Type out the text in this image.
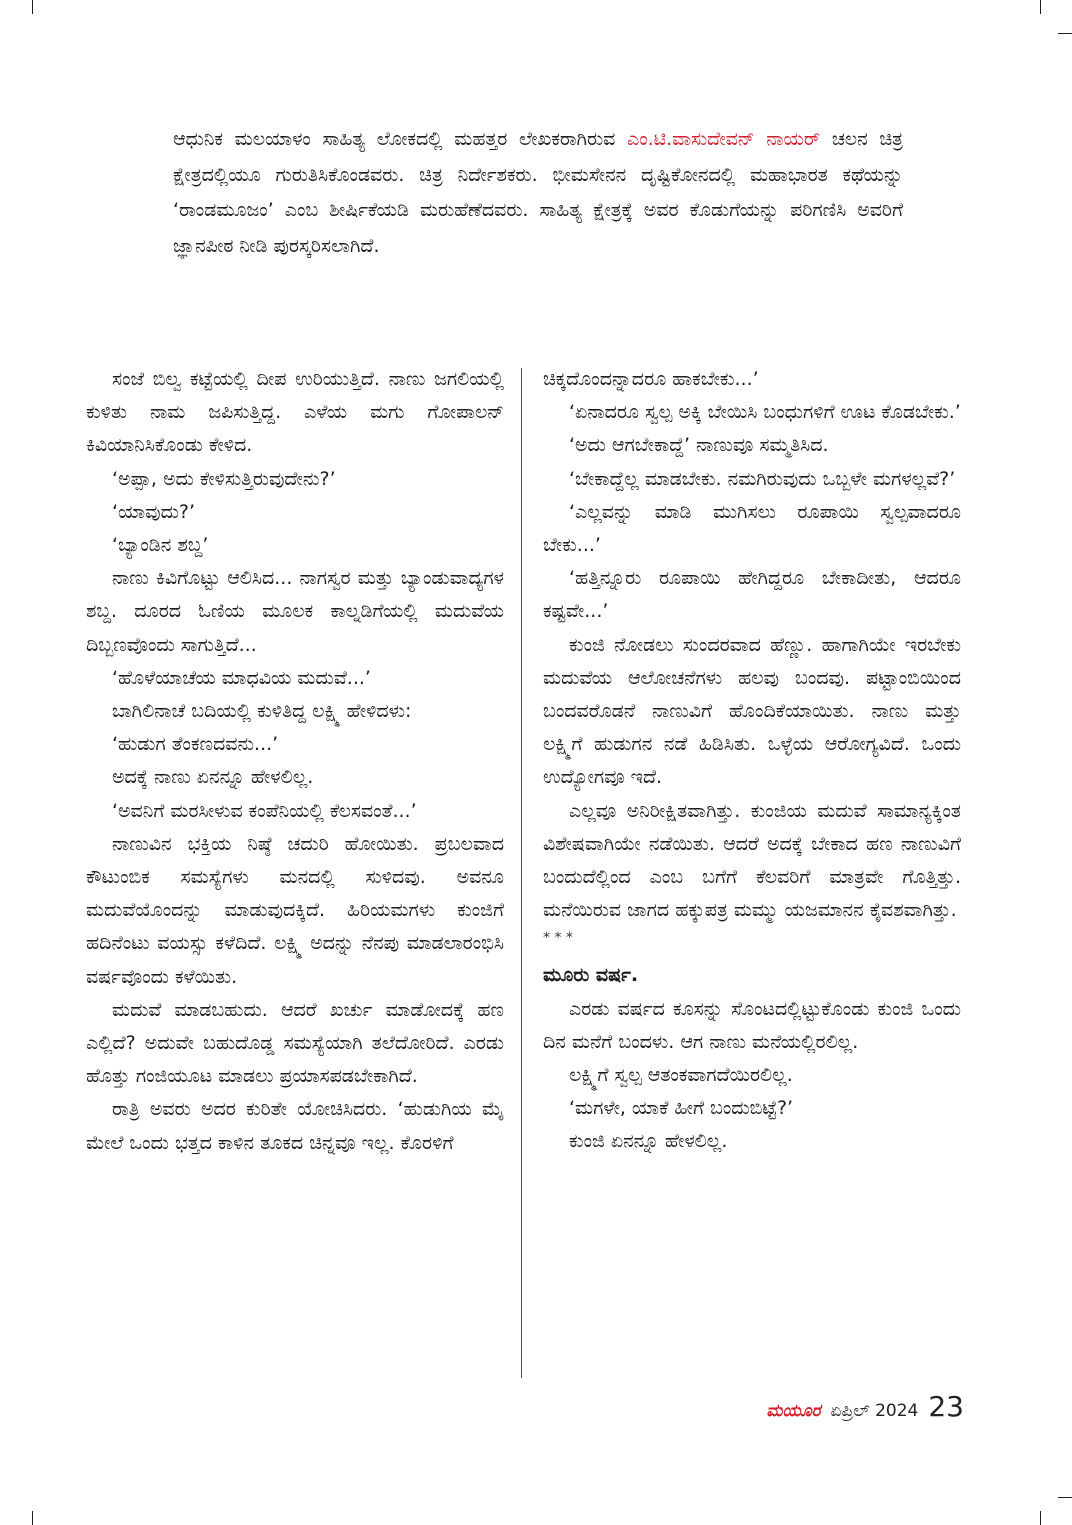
ಆಧುನಿಕ ಮಲಯಾಳಂ ಸಾಹಿತ್ಯ ಲೋಕದಲ್ಲಿ ಮಹತ್ತರ ಲೇಖಕರಾಗಿರುವ ಎಂ.ಟಿ.ವಾಸುದೇವನ್ ನಾಯರ್ ಚಲನ ಚಿತ್ರ ಕ್ಷೇತ್ರದಲ್ಲಿಯೂ ಗುರುತಿಸಿಕೊಂಡವರು. ಚಿತ್ರ ನಿರ್ದೇಶಕರು. ಭೀಮಸೇನನ ದೃಷ್ಟಿಕೋನದಲ್ಲಿ ಮಹಾಭಾರತ ಕಥೆಯನ್ನು ‘ರಾಂಡಮೂಜಂ’ ಎಂಬ ಶೀರ್ಷಿಕೆಯಡಿ ಮರುಹೆಣೆದವರು. ಸಾಹಿತ್ಯ ಕ್ಷೇತ್ರಕ್ಕೆ ಅವರ ಕೊಡುಗೆಯನ್ನು ಪರಿಗಣಿಸಿ ಅವರಿಗೆ ಜ್ಞಾನಪೀಠ ನೀಡಿ ಪುರಸ್ಕರಿಸಲಾಗಿದೆ.

ಸಂಜೆ ಬಿಲ್ವ ಕಟ್ಟೆಯಲ್ಲಿ ದೀಪ ಉರಿಯುತ್ತಿದೆ. ನಾಣು ಜಗಲಿಯಲ್ಲಿ ಕುಳಿತು ನಾಮ ಜಪಿಸುತ್ತಿದ್ದ. ಎಳೆಯ ಮಗು ಗೋಪಾಲನ್ ಕಿವಿಯಾನಿಸಿಕೊಂಡು ಕೇಳಿದ.

‘ಅಪ್ಪಾ, ಅದು ಕೇಳಿಸುತ್ತಿರುವುದೇನು?’

‘ಯಾವುದು?’

‘ಬ್ಯಾಂಡಿನ ಶಬ್ದ’

ನಾಣು ಕಿವಿಗೊಟ್ಟು ಆಲಿಸಿದ... ನಾಗಸ್ವರ ಮತ್ತು ಬ್ಯಾಂಡುವಾದ್ಯಗಳ ಶಬ್ದ. ದೂರದ ಓಣಿಯ ಮೂಲಕ ಕಾಲ್ನಡಿಗೆಯಲ್ಲಿ ಮದುವೆಯ ದಿಬ್ಬಣವೊಂದು ಸಾಗುತ್ತಿದೆ...

‘ಹೊಳೆಯಾಚೆಯ ಮಾಧವಿಯ ಮದುವೆ...’

ಬಾಗಿಲಿನಾಚೆ ಬದಿಯಲ್ಲಿ ಕುಳಿತಿದ್ದ ಲಕ್ಷ್ಮಿ ಹೇಳಿದಳು:

‘ಹುಡುಗ ತೆಂಕಣದವನು...’

ಅದಕ್ಕೆ ನಾಣು ಏನನ್ನೂ ಹೇಳಲಿಲ್ಲ.

‘ಅವನಿಗೆ ಮರಸೀಳುವ ಕಂಪೆನಿಯಲ್ಲಿ ಕೆಲಸವಂತೆ...’

ನಾಣುವಿನ ಭಕ್ತಿಯ ನಿಷ್ಠೆ ಚದುರಿ ಹೋಯಿತು. ಪ್ರಬಲವಾದ ಕೌಟುಂಬಿಕ ಸಮಸ್ಯೆಗಳು ಮನದಲ್ಲಿ ಸುಳಿದವು. ಅವನೂ ಮದುವೆಯೊಂದನ್ನು ಮಾಡುವುದಕ್ಕಿದೆ. ಹಿರಿಯಮಗಳು ಕುಂಜಿಗೆ ಹದಿನೆಂಟು ವಯಸ್ಸು ಕಳೆದಿದೆ. ಲಕ್ಷ್ಮಿ ಅದನ್ನು ನೆನಪು ಮಾಡಲಾರಂಭಿಸಿ ವರ್ಷವೊಂದು ಕಳೆಯಿತು.

ಮದುವೆ ಮಾಡಬಹುದು. ಆದರೆ ಖರ್ಚು ಮಾಡೋದಕ್ಕೆ ಹಣ ಎಲ್ಲಿದೆ? ಅದುವೇ ಬಹುದೊಡ್ಡ ಸಮಸ್ಯೆಯಾಗಿ ತಲೆದೋರಿದೆ. ಎರಡು ಹೊತ್ತು ಗಂಜಿಯೂಟ ಮಾಡಲು ಪ್ರಯಾಸಪಡಬೇಕಾಗಿದೆ.

ರಾತ್ರಿ ಅವರು ಅದರ ಕುರಿತೇ ಯೋಚಿಸಿದರು. ‘ಹುಡುಗಿಯ ಮೈ ಮೇಲೆ ಒಂದು ಭತ್ತದ ಕಾಳಿನ ತೂಕದ ಚಿನ್ನವೂ ಇಲ್ಲ. ಕೊರಳಿಗೆ

ಚಿಕ್ಕದೊಂದನ್ನಾದರೂ ಹಾಕಬೇಕು...’

‘ಏನಾದರೂ ಸ್ವಲ್ಪ ಅಕ್ಕಿ ಬೇಯಿಸಿ ಬಂಧುಗಳಿಗೆ ಊಟ ಕೊಡಬೇಕು.’

‘ಅದು ಆಗಬೇಕಾದ್ದೆ’ ನಾಣುವೂ ಸಮ್ಮತಿಸಿದ.

‘ಬೇಕಾದ್ದೆಲ್ಲ ಮಾಡಬೇಕು. ನಮಗಿರುವುದು ಒಬ್ಬಳೇ ಮಗಳಲ್ಲವೆ?’

‘ಎಲ್ಲವನ್ನು ಮಾಡಿ ಮುಗಿಸಲು ರೂಪಾಯಿ ಸ್ವಲ್ಪವಾದರೂ ಬೇಕು...’

‘ಹತ್ತಿನ್ನೂರು ರೂಪಾಯಿ ಹೇಗಿದ್ದರೂ ಬೇಕಾದೀತು, ಆದರೂ ಕಷ್ಟವೇ...’

ಕುಂಜಿ ನೋಡಲು ಸುಂದರವಾದ ಹೆಣ್ಣು. ಹಾಗಾಗಿಯೇ ಇರಬೇಕು ಮದುವೆಯ ಆಲೋಚನೆಗಳು ಹಲವು ಬಂದವು. ಪಟ್ಟಾಂಬಿಯಿಂದ ಬಂದವರೊಡನೆ ನಾಣುವಿಗೆ ಹೊಂದಿಕೆಯಾಯಿತು. ನಾಣು ಮತ್ತು ಲಕ್ಷ್ಮಿಗೆ ಹುಡುಗನ ನಡೆ ಹಿಡಿಸಿತು. ಒಳ್ಳೆಯ ಆರೋಗ್ಯವಿದೆ. ಒಂದು ಉದ್ಯೋಗವೂ ಇದೆ.

ಎಲ್ಲವೂ ಅನಿರೀಕ್ಷಿತವಾಗಿತ್ತು. ಕುಂಜಿಯ ಮದುವೆ ಸಾಮಾನ್ಯಕ್ಕಿಂತ ವಿಶೇಷವಾಗಿಯೇ ನಡೆಯಿತು. ಆದರೆ ಅದಕ್ಕೆ ಬೇಕಾದ ಹಣ ನಾಣುವಿಗೆ ಬಂದುದೆಲ್ಲಿಂದ ಎಂಬ ಬಗೆಗೆ ಕೆಲವರಿಗೆ ಮಾತ್ರವೇ ಗೊತ್ತಿತ್ತು. ಮನೆಯಿರುವ ಜಾಗದ ಹಕ್ಕುಪತ್ರ ಮಮ್ಮು ಯಜಮಾನನ ಕೈವಶವಾಗಿತ್ತು.

* * *

ಮೂರು ವರ್ಷ.

ಎರಡು ವರ್ಷದ ಕೂಸನ್ನು ಸೊಂಟದಲ್ಲಿಟ್ಟುಕೊಂಡು ಕುಂಜಿ ಒಂದು ದಿನ ಮನೆಗೆ ಬಂದಳು. ಆಗ ನಾಣು ಮನೆಯಲ್ಲಿರಲಿಲ್ಲ.

ಲಕ್ಷ್ಮಿಗೆ ಸ್ವಲ್ಪ ಆತಂಕವಾಗದೆಯಿರಲಿಲ್ಲ.

‘ಮಗಳೇ, ಯಾಕೆ ಹೀಗೆ ಬಂದುಬಿಟ್ಟೆ?’

ಕುಂಜಿ ಏನನ್ನೂ ಹೇಳಲಿಲ್ಲ.

ಮಯೂರ ಏಪ್ರಿಲ್ 2024 23
